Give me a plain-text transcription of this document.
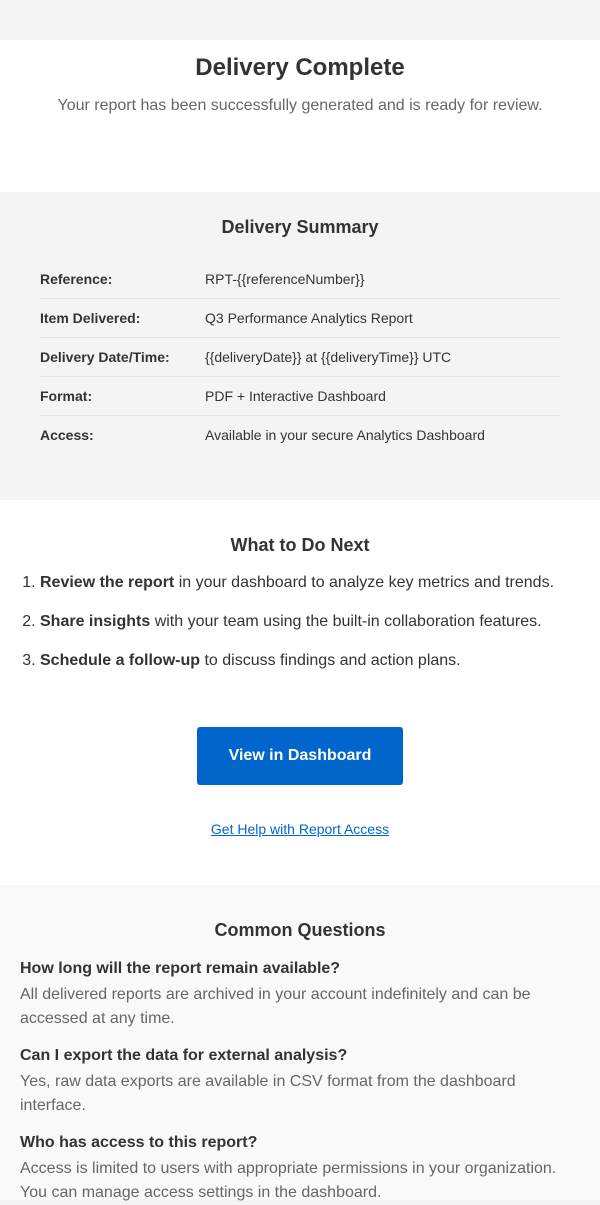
Delivery Complete

Your report has been successfully generated and is ready for review.

Delivery Summary
Reference:	RPT-{{referenceNumber}}
Item Delivered:	Q3 Performance Analytics Report
Delivery Date/Time:	{{deliveryDate}} at {{deliveryTime}} UTC
Format:	PDF + Interactive Dashboard
Access:	Available in your secure Analytics Dashboard
What to Do Next
1. Review the report in your dashboard to analyze key metrics and trends.
2. Share insights with your team using the built-in collaboration features.
3. Schedule a follow-up to discuss findings and action plans.
View in Dashboard
Get Help with Report Access
Common Questions
How long will the report remain available?
All delivered reports are archived in your account indefinitely and can be accessed at any time.
Can I export the data for external analysis?
Yes, raw data exports are available in CSV format from the dashboard interface.
Who has access to this report?
Access is limited to users with appropriate permissions in your organization. You can manage access settings in the dashboard.
